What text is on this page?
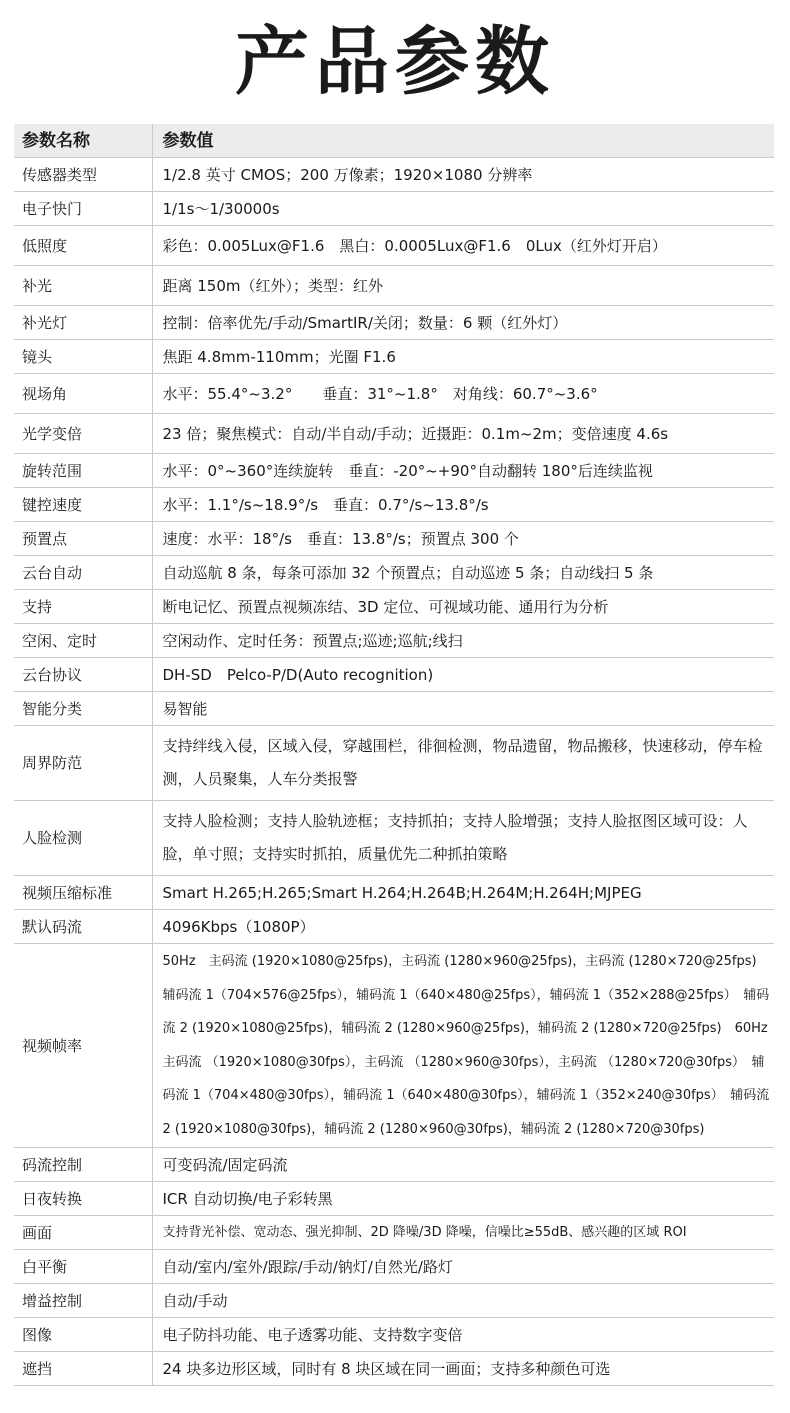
产品参数
参数名称	参数值
传感器类型	1/2.8 英寸 CMOS；200 万像素；1920×1080 分辨率
电子快门	1/1s～1/30000s
低照度	彩色：0.005Lux@F1.6　黑白：0.0005Lux@F1.6　0Lux（红外灯开启）
补光	距离 150m（红外）；类型：红外
补光灯	控制：倍率优先/手动/SmartIR/关闭；数量：6 颗（红外灯）
镜头	焦距 4.8mm-110mm；光圈 F1.6
视场角	水平：55.4°~3.2°　　垂直：31°~1.8°　对角线：60.7°~3.6°
光学变倍	23 倍；聚焦模式：自动/半自动/手动；近摄距：0.1m~2m；变倍速度 4.6s
旋转范围	水平：0°~360°连续旋转　垂直：-20°~+90°自动翻转 180°后连续监视
键控速度	水平：1.1°/s~18.9°/s　垂直：0.7°/s~13.8°/s
预置点	速度：水平：18°/s　垂直：13.8°/s；预置点 300 个
云台自动	自动巡航 8 条，每条可添加 32 个预置点；自动巡迹 5 条；自动线扫 5 条
支持	断电记忆、预置点视频冻结、3D 定位、可视域功能、通用行为分析
空闲、定时	空闲动作、定时任务：预置点;巡迹;巡航;线扫
云台协议	DH-SD　Pelco-P/D(Auto recognition)
智能分类	易智能
周界防范	支持绊线入侵，区域入侵，穿越围栏，徘徊检测，物品遗留，物品搬移，快速移动，停车检测，人员聚集，人车分类报警
人脸检测	支持人脸检测；支持人脸轨迹框；支持抓拍；支持人脸增强；支持人脸抠图区域可设：人脸，单寸照；支持实时抓拍，质量优先二种抓拍策略
视频压缩标准	Smart H.265;H.265;Smart H.264;H.264B;H.264M;H.264H;MJPEG
默认码流	4096Kbps（1080P）
视频帧率	50Hz　主码流 (1920×1080@25fps)，主码流 (1280×960@25fps)，主码流 (1280×720@25fps)　辅码流 1（704×576@25fps），辅码流 1（640×480@25fps），辅码流 1（352×288@25fps）　辅码流 2 (1920×1080@25fps)，辅码流 2 (1280×960@25fps)，辅码流 2 (1280×720@25fps)　60Hz　主码流 （1920×1080@30fps），主码流 （1280×960@30fps），主码流 （1280×720@30fps）　辅码流 1（704×480@30fps），辅码流 1（640×480@30fps），辅码流 1（352×240@30fps）　辅码流 2 (1920×1080@30fps)，辅码流 2 (1280×960@30fps)，辅码流 2 (1280×720@30fps)
码流控制	可变码流/固定码流
日夜转换	ICR 自动切换/电子彩转黑
画面	支持背光补偿、宽动态、强光抑制、2D 降噪/3D 降噪，信噪比≥55dB、感兴趣的区域 ROI
白平衡	自动/室内/室外/跟踪/手动/钠灯/自然光/路灯
增益控制	自动/手动
图像	电子防抖功能、电子透雾功能、支持数字变倍
遮挡	24 块多边形区域，同时有 8 块区域在同一画面；支持多种颜色可选
